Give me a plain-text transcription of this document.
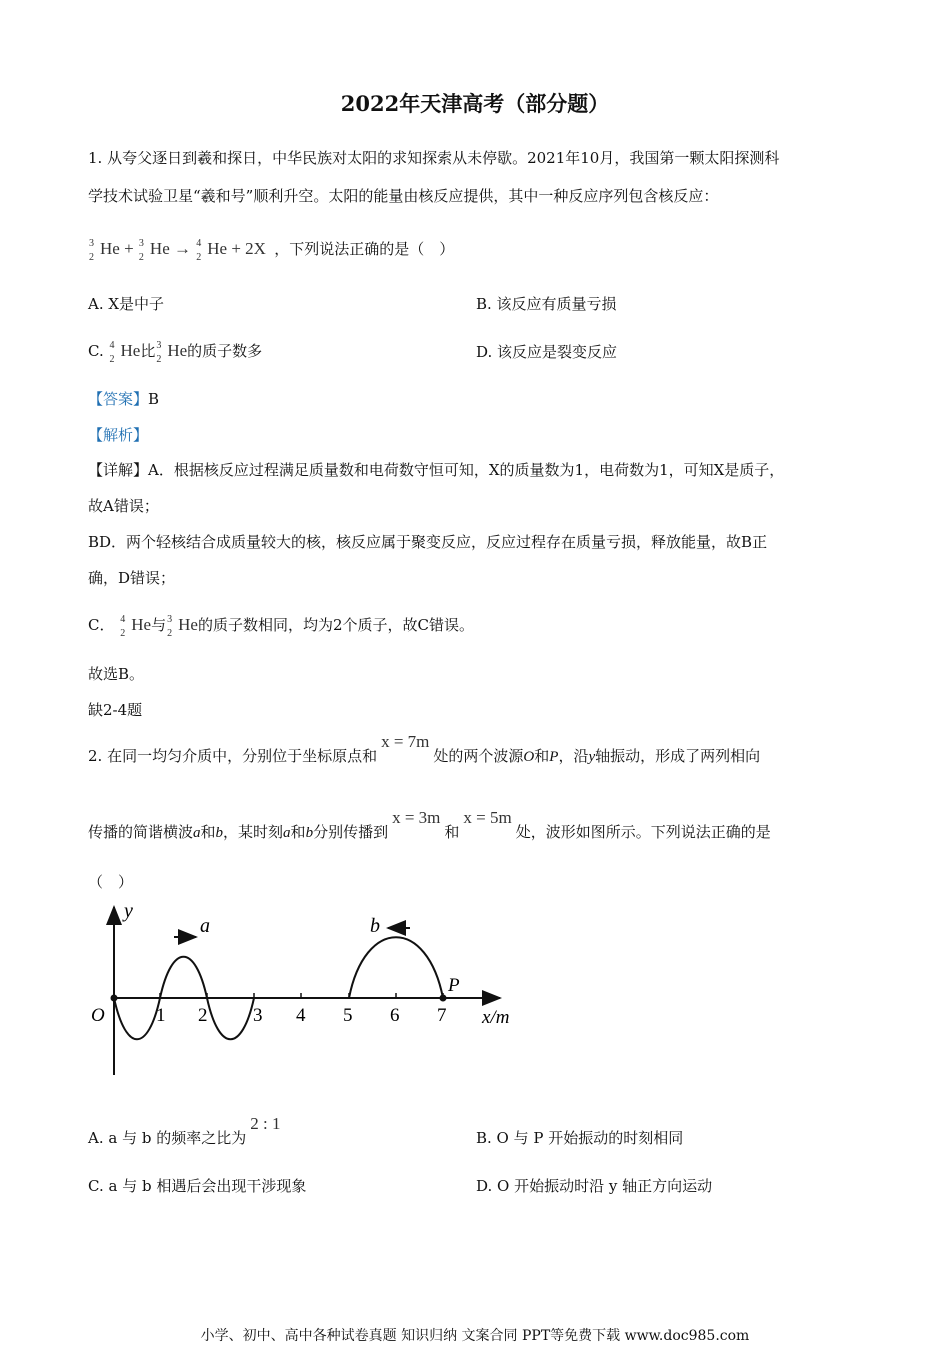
2022年天津高考（部分题）
1. 从夸父逐日到羲和探日，中华民族对太阳的求知探索从未停歇。2021年10月，我国第一颗太阳探测科
学技术试验卫星“羲和号”顺利升空。太阳的能量由核反应提供，其中一种反应序列包含核反应：
3
2 He + 3
2 He → 4
2 He + 2X ，下列说法正确的是（　）
A. X是中子	B. 该反应有质量亏损
C. 4
2 He比 3
2 He的质子数多	D. 该反应是裂变反应
【答案】B
【解析】
【详解】A．根据核反应过程满足质量数和电荷数守恒可知，X的质量数为1，电荷数为1，可知X是质子，
故A错误；
BD．两个轻核结合成质量较大的核，核反应属于聚变反应，反应过程存在质量亏损，释放能量，故B正
确，D错误；
C． 4
2 He与 3
2 He的质子数相同，均为2个质子，故C错误。
故选B。
缺2-4题
2. 在同一均匀介质中，分别位于坐标原点和x = 7m处的两个波源O和P，沿y轴振动，形成了两列相向
传播的简谐横波a和b，某时刻a和b分别传播到x = 3m和x = 5m处，波形如图所示。下列说法正确的是
（　）
y
a	b
P
O	x/m
1 2 3 4 5 6 7
A. a 与 b 的频率之比为2 : 1
B. O 与 P 开始振动的时刻相同
C. a 与 b 相遇后会出现干涉现象	D. O 开始振动时沿 y 轴正方向运动
小学、初中、高中各种试卷真题 知识归纳 文案合同 PPT等免费下载 www.doc985.com
